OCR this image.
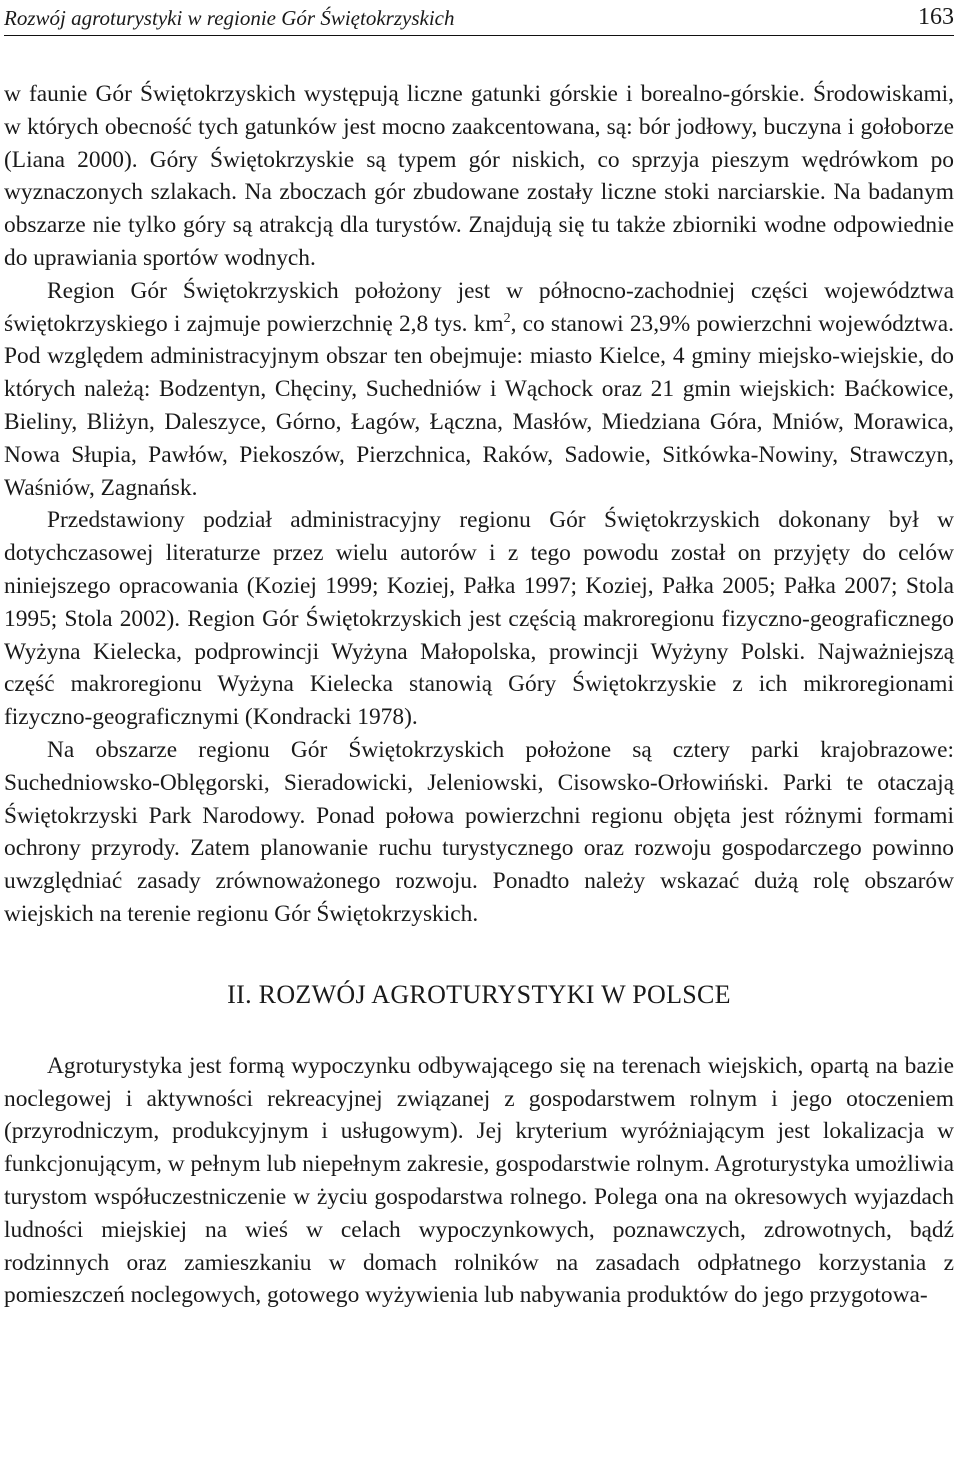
Rozwój agroturystyki w regionie Gór Świętokrzyskich	163

w faunie Gór Świętokrzyskich występują liczne gatunki górskie i borealno-górskie. Środowiskami, w których obecność tych gatunków jest mocno zaakcentowana, są: bór jodłowy, buczyna i gołoborze (Liana 2000). Góry Świętokrzyskie są typem gór niskich, co sprzyja pieszym wędrówkom po wyznaczonych szlakach. Na zboczach gór zbudowane zostały liczne stoki narciarskie. Na badanym obszarze nie tylko góry są atrakcją dla turystów. Znajdują się tu także zbiorniki wodne odpowiednie do uprawiania sportów wodnych.

Region Gór Świętokrzyskich położony jest w północno-zachodniej części województwa świętokrzyskiego i zajmuje powierzchnię 2,8 tys. $km^2$, co stanowi 23,9% powierzchni województwa. Pod względem administracyjnym obszar ten obejmuje: miasto Kielce, 4 gminy miejsko-wiejskie, do których należą: Bodzentyn, Chęciny, Suchedniów i Wąchock oraz 21 gmin wiejskich: Baćkowice, Bieliny, Bliżyn, Daleszyce, Górno, Łagów, Łączna, Masłów, Miedziana Góra, Mniów, Morawica, Nowa Słupia, Pawłów, Piekoszów, Pierzchnica, Raków, Sadowie, Sitkówka-Nowiny, Strawczyn, Waśniów, Zagnańsk.

Przedstawiony podział administracyjny regionu Gór Świętokrzyskich dokonany był w dotychczasowej literaturze przez wielu autorów i z tego powodu został on przyjęty do celów niniejszego opracowania (Koziej 1999; Koziej, Pałka 1997; Koziej, Pałka 2005; Pałka 2007; Stola 1995; Stola 2002). Region Gór Świętokrzyskich jest częścią makroregionu fizyczno-geograficznego Wyżyna Kielecka, podprowincji Wyżyna Małopolska, prowincji Wyżyny Polski. Najważniejszą część makroregionu Wyżyna Kielecka stanowią Góry Świętokrzyskie z ich mikroregionami fizyczno-geograficznymi (Kondracki 1978).

Na obszarze regionu Gór Świętokrzyskich położone są cztery parki krajobrazowe: Suchedniowsko-Oblęgorski, Sieradowicki, Jeleniowski, Cisowsko-Orłowiński. Parki te otaczają Świętokrzyski Park Narodowy. Ponad połowa powierzchni regionu objęta jest różnymi formami ochrony przyrody. Zatem planowanie ruchu turystycznego oraz rozwoju gospodarczego powinno uwzględniać zasady zrównoważonego rozwoju. Ponadto należy wskazać dużą rolę obszarów wiejskich na terenie regionu Gór Świętokrzyskich.

II. ROZWÓJ AGROTURYSTYKI W POLSCE

Agroturystyka jest formą wypoczynku odbywającego się na terenach wiejskich, opartą na bazie noclegowej i aktywności rekreacyjnej związanej z gospodarstwem rolnym i jego otoczeniem (przyrodniczym, produkcyjnym i usługowym). Jej kryterium wyróżniającym jest lokalizacja w funkcjonującym, w pełnym lub niepełnym zakresie, gospodarstwie rolnym. Agroturystyka umożliwia turystom współuczestniczenie w życiu gospodarstwa rolnego. Polega ona na okresowych wyjazdach ludności miejskiej na wieś w celach wypoczynkowych, poznawczych, zdrowotnych, bądź rodzinnych oraz zamieszkaniu w domach rolników na zasadach odpłatnego korzystania z pomieszczeń noclegowych, gotowego wyżywienia lub nabywania produktów do jego przygotowa-
